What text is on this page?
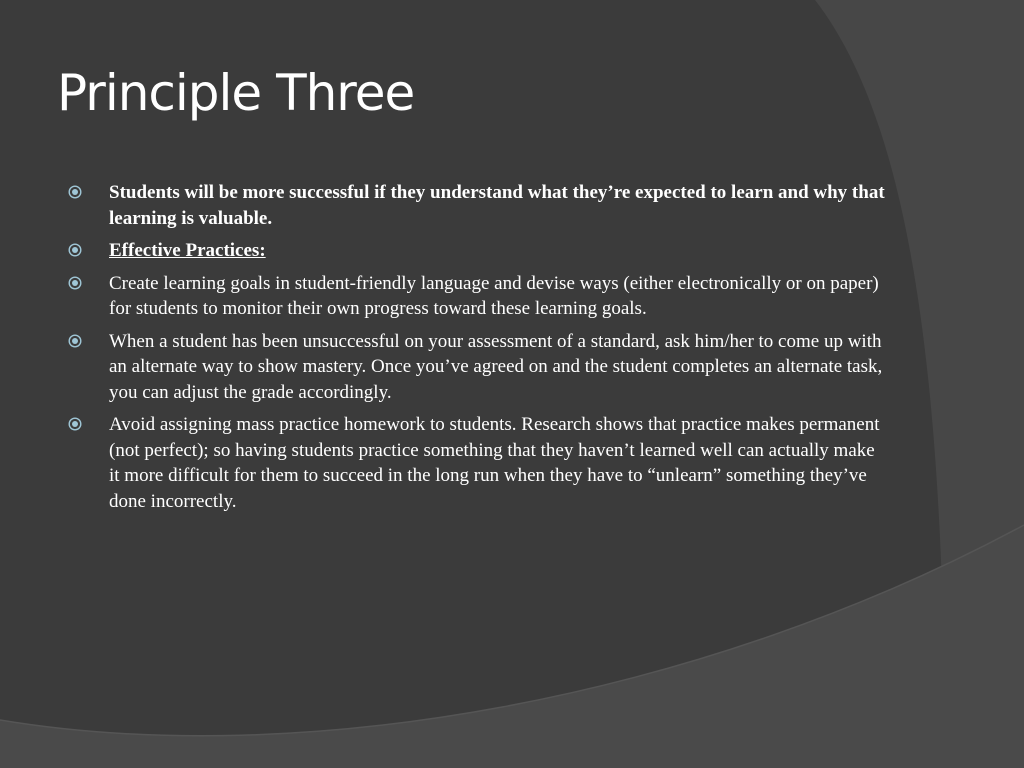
Principle Three
Students will be more successful if they understand what they’re expected to learn and why that learning is valuable.
Effective Practices:
Create learning goals in student-friendly language and devise ways (either electronically or on paper) for students to monitor their own progress toward these learning goals.
When a student has been unsuccessful on your assessment of a standard, ask him/her to come up with an alternate way to show mastery. Once you’ve agreed on and the student completes an alternate task, you can adjust the grade accordingly.
Avoid assigning mass practice homework to students. Research shows that practice makes permanent (not perfect); so having students practice something that they haven’t learned well can actually make it more difficult for them to succeed in the long run when they have to “unlearn” something they’ve done incorrectly.
